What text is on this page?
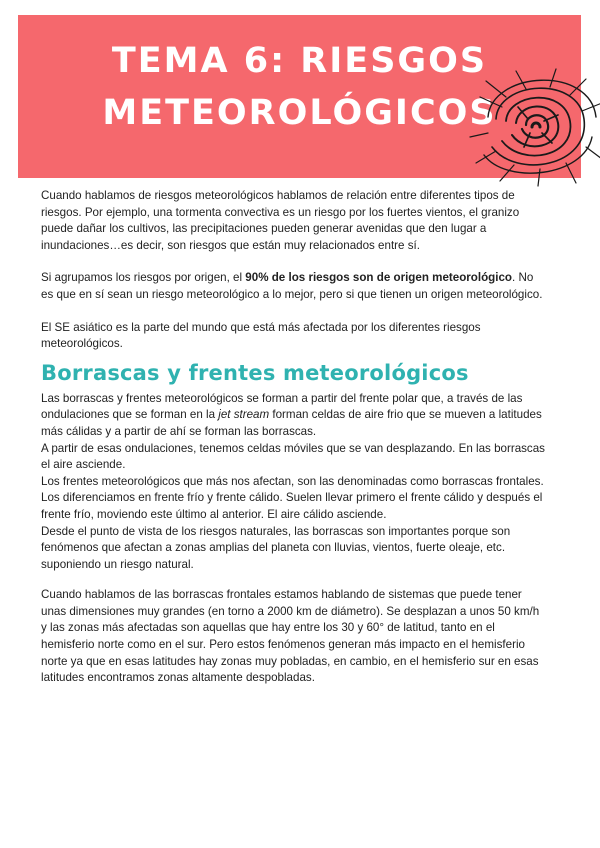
TEMA 6: RIESGOS
METEOROLÓGICOS

Cuando hablamos de riesgos meteorológicos hablamos de relación entre diferentes tipos de riesgos. Por ejemplo, una tormenta convectiva es un riesgo por los fuertes vientos, el granizo puede dañar los cultivos, las precipitaciones pueden generar avenidas que den lugar a inundaciones…es decir, son riesgos que están muy relacionados entre sí.

Si agrupamos los riesgos por origen, el 90% de los riesgos son de origen meteorológico. No es que en sí sean un riesgo meteorológico a lo mejor, pero si que tienen un origen meteorológico.

El SE asiático es la parte del mundo que está más afectada por los diferentes riesgos meteorológicos.

Borrascas y frentes meteorológicos

Las borrascas y frentes meteorológicos se forman a partir del frente polar que, a través de las ondulaciones que se forman en la jet stream forman celdas de aire frio que se mueven a latitudes más cálidas y a partir de ahí se forman las borrascas.

A partir de esas ondulaciones, tenemos celdas móviles que se van desplazando. En las borrascas el aire asciende.

Los frentes meteorológicos que más nos afectan, son las denominadas como borrascas frontales. Los diferenciamos en frente frío y frente cálido. Suelen llevar primero el frente cálido y después el frente frío, moviendo este último al anterior. El aire cálido asciende.

Desde el punto de vista de los riesgos naturales, las borrascas son importantes porque son fenómenos que afectan a zonas amplias del planeta con lluvias, vientos, fuerte oleaje, etc. suponiendo un riesgo natural.

Cuando hablamos de las borrascas frontales estamos hablando de sistemas que puede tener unas dimensiones muy grandes (en torno a 2000 km de diámetro). Se desplazan a unos 50 km/h y las zonas más afectadas son aquellas que hay entre los 30 y 60° de latitud, tanto en el hemisferio norte como en el sur. Pero estos fenómenos generan más impacto en el hemisferio norte ya que en esas latitudes hay zonas muy pobladas, en cambio, en el hemisferio sur en esas latitudes encontramos zonas altamente despobladas.
